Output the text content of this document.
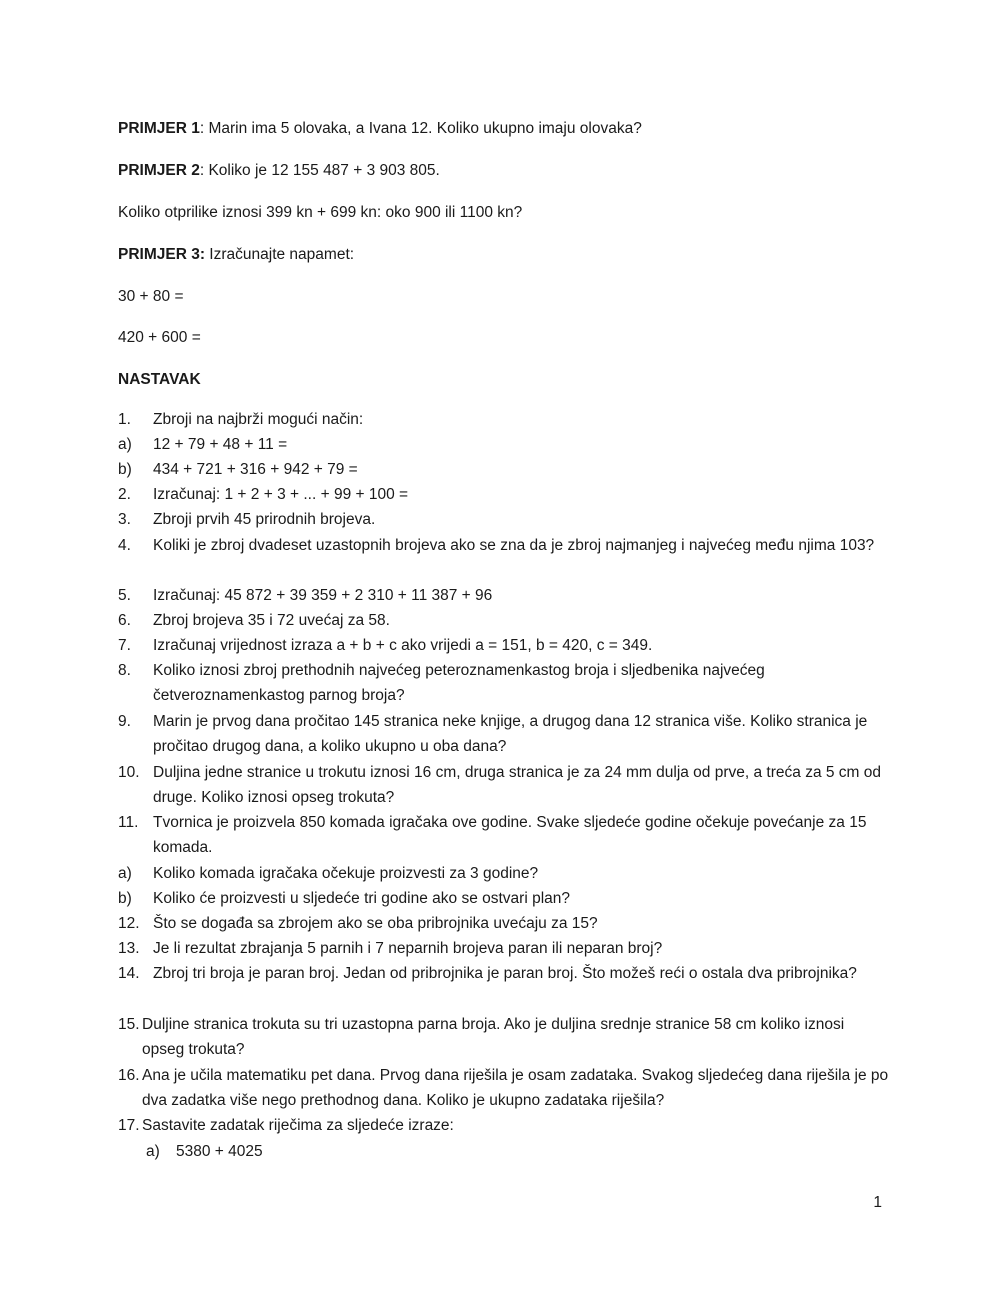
PRIMJER 1: Marin ima 5 olovaka, a Ivana 12. Koliko ukupno imaju olovaka?
PRIMJER 2: Koliko je 12 155 487 + 3 903 805.
Koliko otprilike iznosi 399 kn + 699 kn: oko 900 ili 1100 kn?
PRIMJER 3: Izračunajte napamet:
30 + 80 =
420 + 600 =
NASTAVAK
1. Zbroji na najbrži mogući način:
a) 12 + 79 + 48 + 11 =
b) 434 + 721 + 316 + 942 + 79 =
2. Izračunaj: 1 + 2 + 3 + ... + 99 + 100 =
3. Zbroji prvih 45 prirodnih brojeva.
4. Koliki je zbroj dvadeset uzastopnih brojeva ako se zna da je zbroj najmanjeg i najvećeg među njima 103?
5. Izračunaj: 45 872 + 39 359 + 2 310 + 11 387 + 96
6. Zbroj brojeva 35 i 72 uvećaj za 58.
7. Izračunaj vrijednost izraza a + b + c ako vrijedi a = 151, b = 420, c = 349.
8. Koliko iznosi zbroj prethodnih najvećeg peteroznamenkastog broja i sljedbenika najvećeg četveroznamenkastog parnog broja?
9. Marin je prvog dana pročitao 145 stranica neke knjige, a drugog dana 12 stranica više. Koliko stranica je pročitao drugog dana, a koliko ukupno u oba dana?
10. Duljina jedne stranice u trokutu iznosi 16 cm, druga stranica je za 24 mm dulja od prve, a treća za 5 cm od druge. Koliko iznosi opseg trokuta?
11. Tvornica je proizvela 850 komada igračaka ove godine. Svake sljedeće godine očekuje povećanje za 15 komada.
a) Koliko komada igračaka očekuje proizvesti za 3 godine?
b) Koliko će proizvesti u sljedeće tri godine ako se ostvari plan?
12. Što se događa sa zbrojem ako se oba pribrojnika uvećaju za 15?
13. Je li rezultat zbrajanja 5 parnih i 7 neparnih brojeva paran ili neparan broj?
14. Zbroj tri broja je paran broj. Jedan od pribrojnika je paran broj. Što možeš reći o ostala dva pribrojnika?
15. Duljine stranica trokuta su tri uzastopna parna broja. Ako je duljina srednje stranice 58 cm koliko iznosi opseg trokuta?
16. Ana je učila matematiku pet dana. Prvog dana riješila je osam zadataka. Svakog sljedećeg dana riješila je po dva zadatka više nego prethodnog dana. Koliko je ukupno zadataka riješila?
17. Sastavite zadatak riječima za sljedeće izraze:
a) 5380 + 4025
1
